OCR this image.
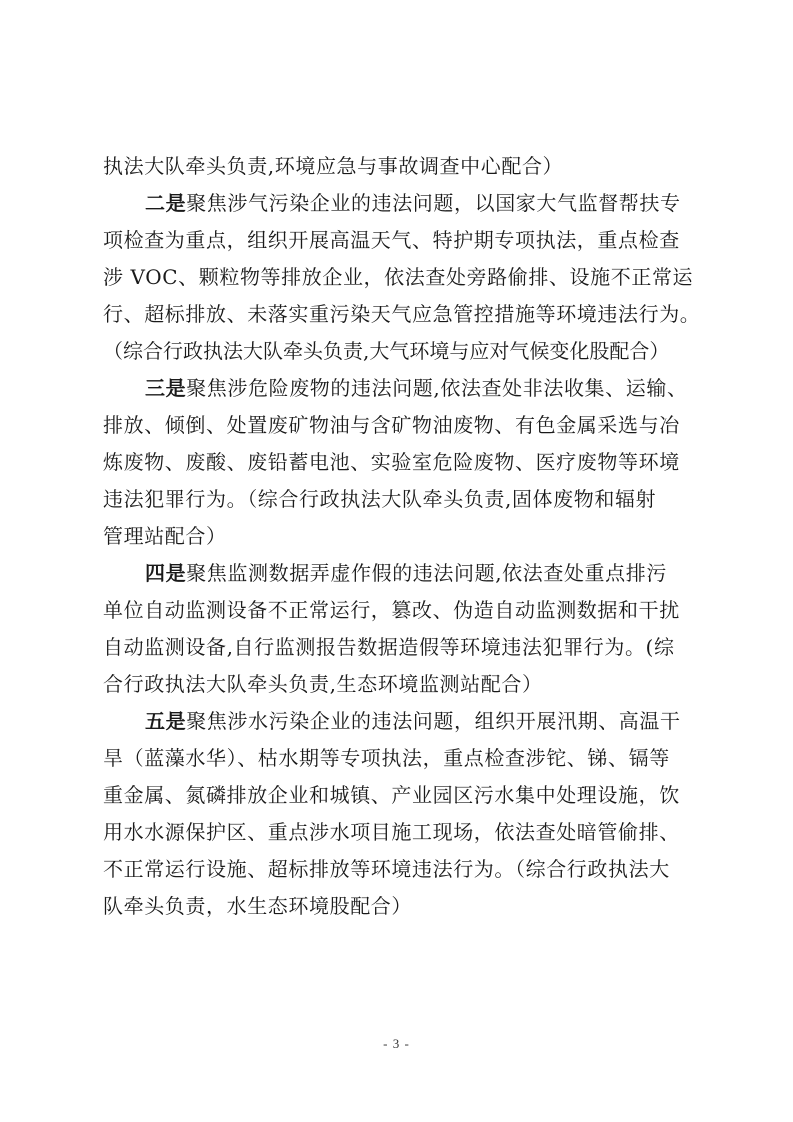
执法大队牵头负责,环境应急与事故调查中心配合）
二是聚焦涉气污染企业的违法问题，以国家大气监督帮扶专
项检查为重点，组织开展高温天气、特护期专项执法，重点检查
涉 VOC、颗粒物等排放企业，依法查处旁路偷排、设施不正常运
行、超标排放、未落实重污染天气应急管控措施等环境违法行为。
（综合行政执法大队牵头负责,大气环境与应对气候变化股配合）
三是聚焦涉危险废物的违法问题,依法查处非法收集、运输、
排放、倾倒、处置废矿物油与含矿物油废物、有色金属采选与冶
炼废物、废酸、废铅蓄电池、实验室危险废物、医疗废物等环境
违法犯罪行为。（综合行政执法大队牵头负责,固体废物和辐射
管理站配合）
四是聚焦监测数据弄虚作假的违法问题,依法查处重点排污
单位自动监测设备不正常运行，篡改、伪造自动监测数据和干扰
自动监测设备,自行监测报告数据造假等环境违法犯罪行为。(综
合行政执法大队牵头负责,生态环境监测站配合）
五是聚焦涉水污染企业的违法问题，组织开展汛期、高温干
旱（蓝藻水华）、枯水期等专项执法，重点检查涉铊、锑、镉等
重金属、氮磷排放企业和城镇、产业园区污水集中处理设施，饮
用水水源保护区、重点涉水项目施工现场，依法查处暗管偷排、
不正常运行设施、超标排放等环境违法行为。（综合行政执法大
队牵头负责，水生态环境股配合）
- 3 -
